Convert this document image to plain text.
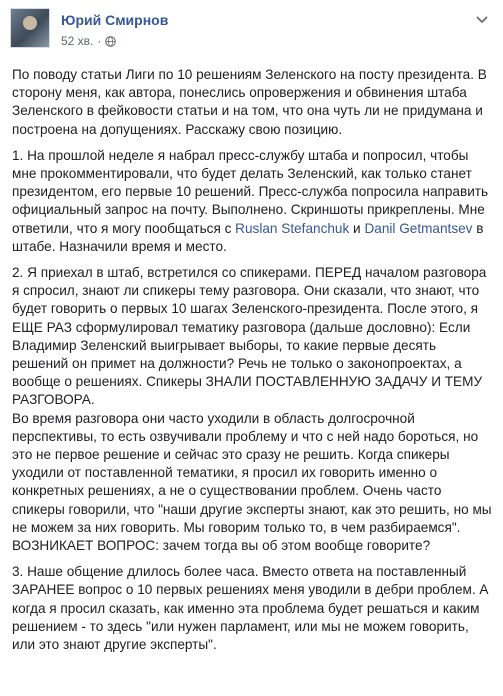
Юрий Смирнов
52 хв. ·

По поводу статьи Лиги по 10 решениям Зеленского на посту президента. В сторону меня, как автора, понеслись опровержения и обвинения штаба Зеленского в фейковости статьи и на том, что она чуть ли не придумана и построена на допущениях. Расскажу свою позицию.

1. На прошлой неделе я набрал пресс-службу штаба и попросил, чтобы мне прокомментировали, что будет делать Зеленский, как только станет президентом, его первые 10 решений. Пресс-служба попросила направить официальный запрос на почту. Выполнено. Скриншоты прикреплены. Мне ответили, что я могу пообщаться с Ruslan Stefanchuk и Danil Getmantsev в штабе. Назначили время и место.

2. Я приехал в штаб, встретился со спикерами. ПЕРЕД началом разговора я спросил, знают ли спикеры тему разговора. Они сказали, что знают, что будет говорить о первых 10 шагах Зеленского-президента. После этого, я ЕЩЕ РАЗ сформулировал тематику разговора (дальше дословно): Если Владимир Зеленский выигрывает выборы, то какие первые десять решений он примет на должности? Речь не только о законопроектах, а вообще о решениях. Спикеры ЗНАЛИ ПОСТАВЛЕННУЮ ЗАДАЧУ И ТЕМУ РАЗГОВОРА.

Во время разговора они часто уходили в область долгосрочной перспективы, то есть озвучивали проблему и что с ней надо бороться, но это не первое решение и сейчас это сразу не решить. Когда спикеры уходили от поставленной тематики, я просил их говорить именно о конкретных решениях, а не о существовании проблем. Очень часто спикеры говорили, что "наши другие эксперты знают, как это решить, но мы не можем за них говорить. Мы говорим только то, в чем разбираемся". ВОЗНИКАЕТ ВОПРОС: зачем тогда вы об этом вообще говорите?

3. Наше общение длилось более часа. Вместо ответа на поставленный ЗАРАНЕЕ вопрос о 10 первых решениях меня уводили в дебри проблем. А когда я просил сказать, как именно эта проблема будет решаться и каким решением - то здесь "или нужен парламент, или мы не можем говорить, или это знают другие эксперты".
